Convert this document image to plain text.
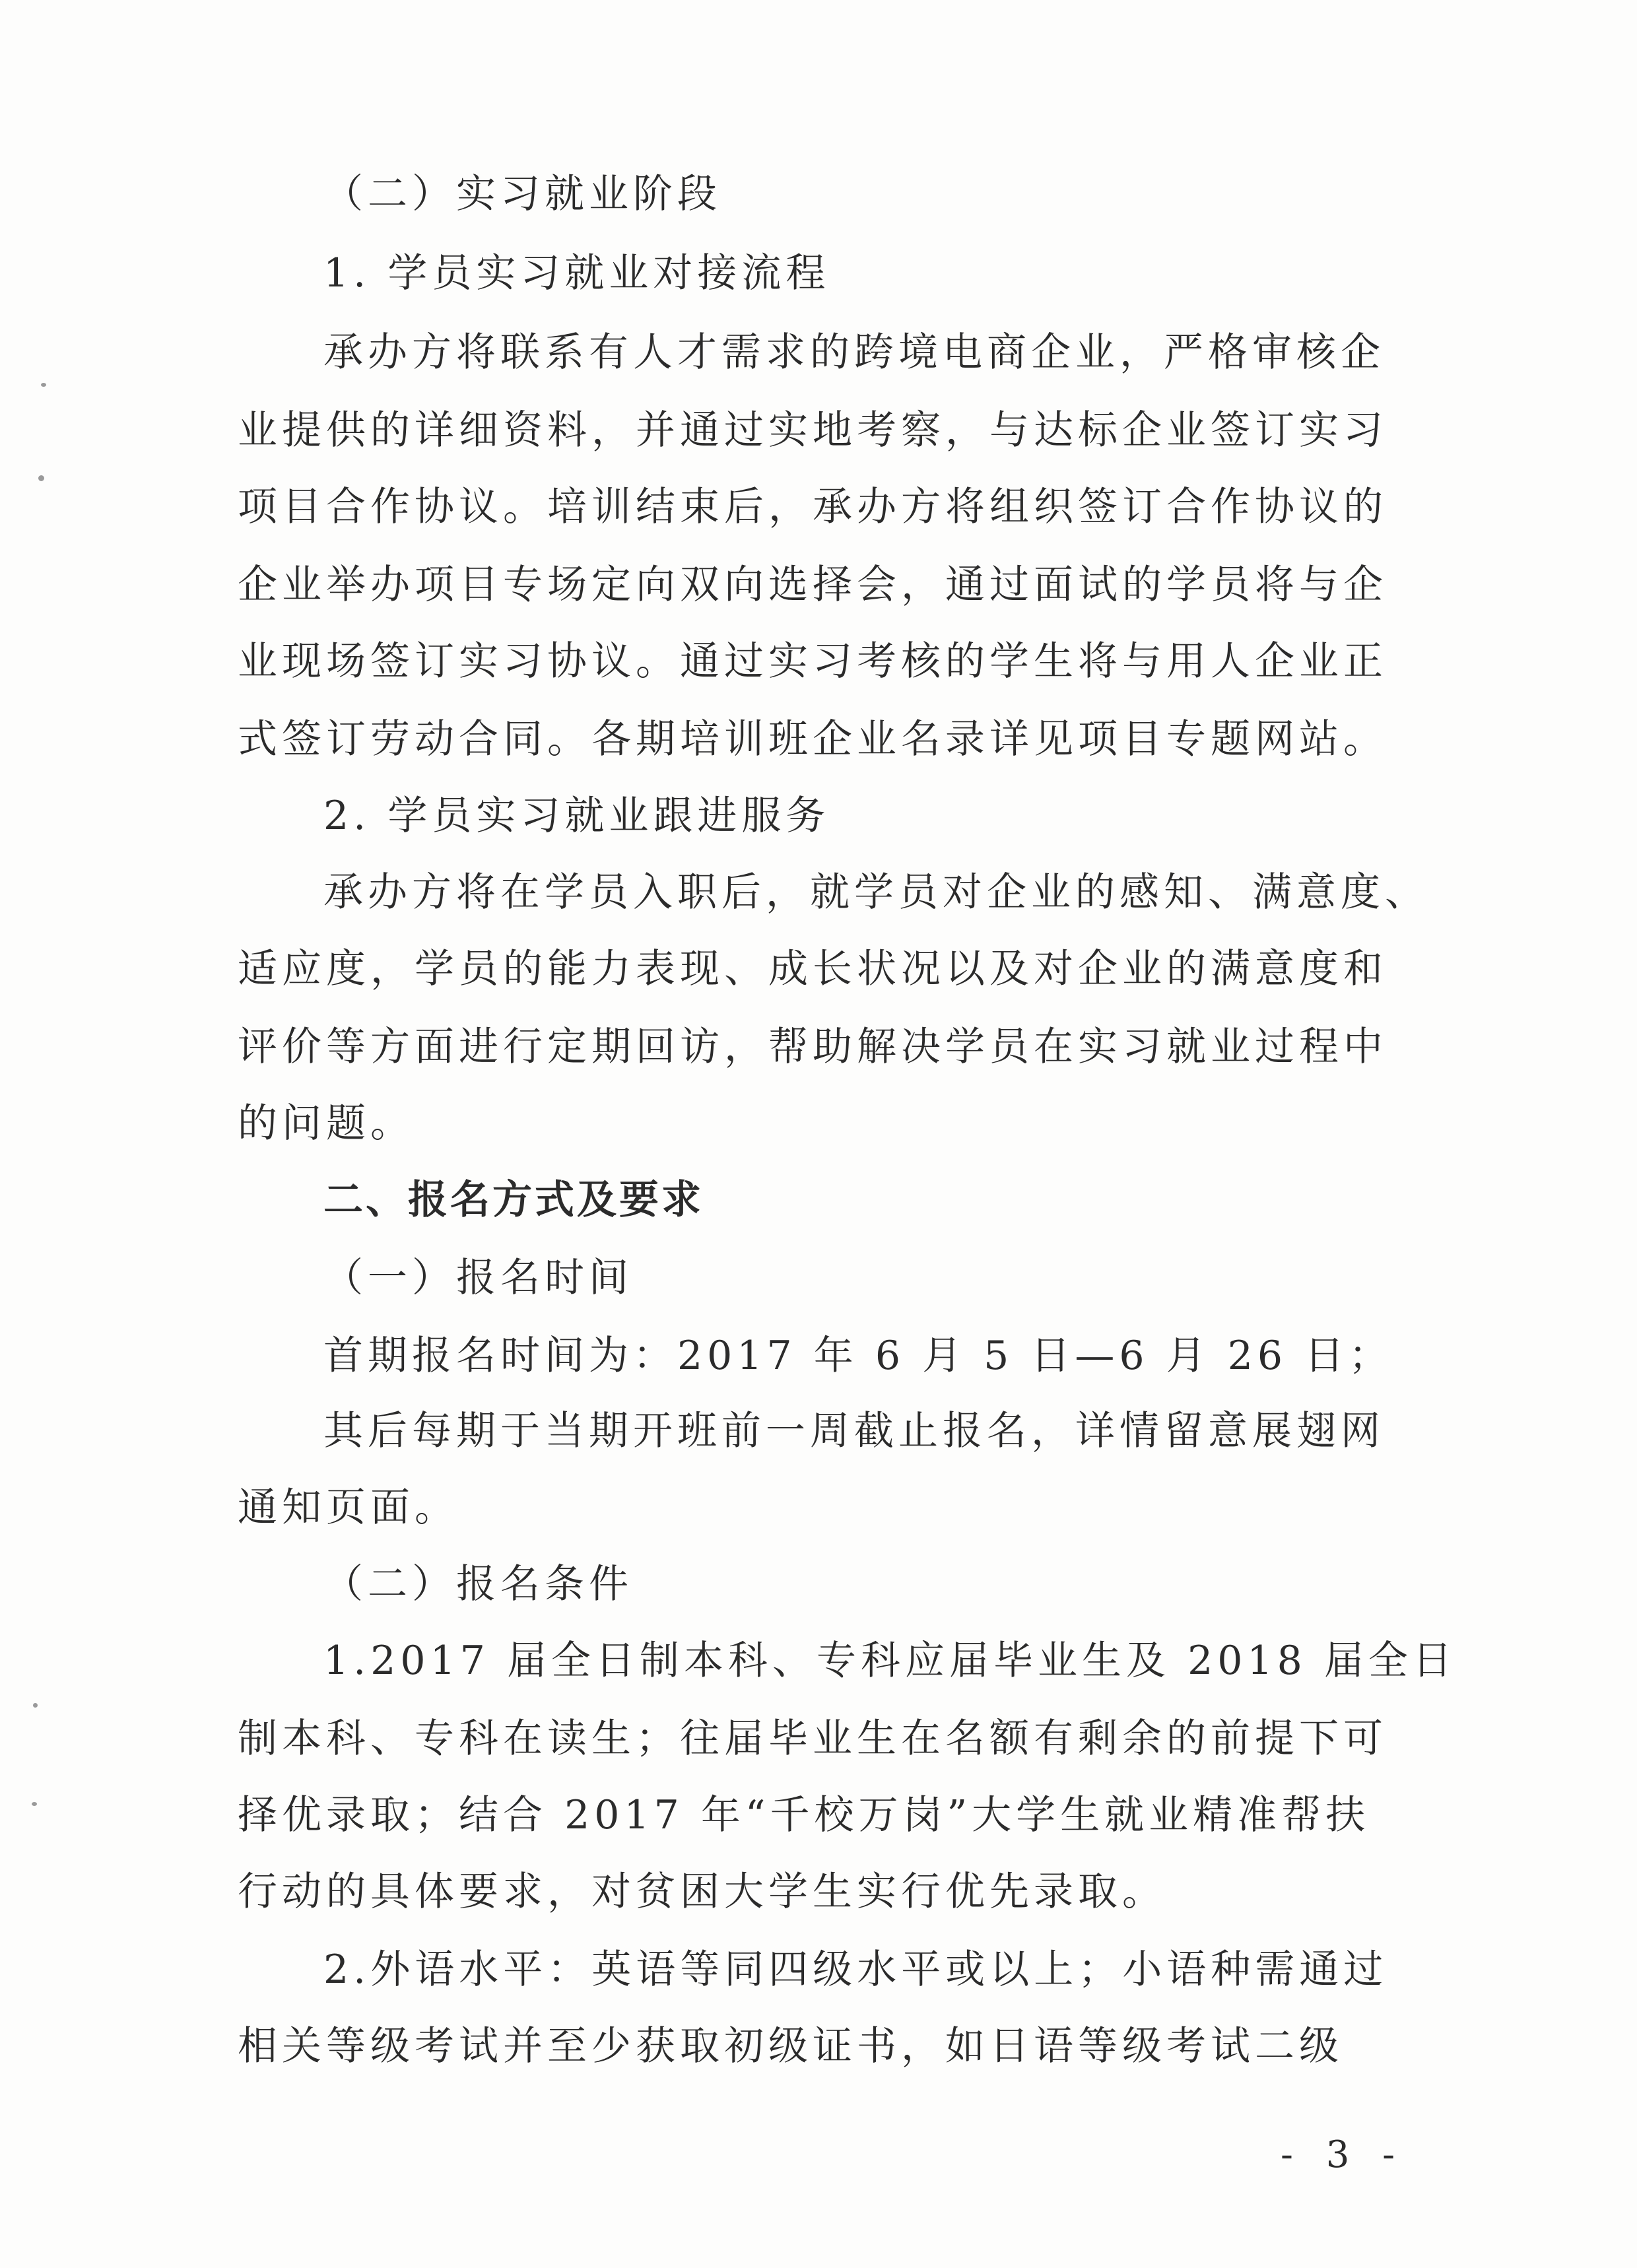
（二）实习就业阶段
1. 学员实习就业对接流程
承办方将联系有人才需求的跨境电商企业，严格审核企
业提供的详细资料，并通过实地考察，与达标企业签订实习
项目合作协议。培训结束后，承办方将组织签订合作协议的
企业举办项目专场定向双向选择会，通过面试的学员将与企
业现场签订实习协议。通过实习考核的学生将与用人企业正
式签订劳动合同。各期培训班企业名录详见项目专题网站。
2. 学员实习就业跟进服务
承办方将在学员入职后，就学员对企业的感知、满意度、
适应度，学员的能力表现、成长状况以及对企业的满意度和
评价等方面进行定期回访，帮助解决学员在实习就业过程中
的问题。
二、报名方式及要求
（一）报名时间
首期报名时间为：2017 年 6 月 5 日—6 月 26 日；
其后每期于当期开班前一周截止报名，详情留意展翅网
通知页面。
（二）报名条件
1.2017 届全日制本科、专科应届毕业生及 2018 届全日
制本科、专科在读生；往届毕业生在名额有剩余的前提下可
择优录取；结合 2017 年“千校万岗”大学生就业精准帮扶
行动的具体要求，对贫困大学生实行优先录取。
2.外语水平：英语等同四级水平或以上；小语种需通过
相关等级考试并至少获取初级证书，如日语等级考试二级
- 3 -
